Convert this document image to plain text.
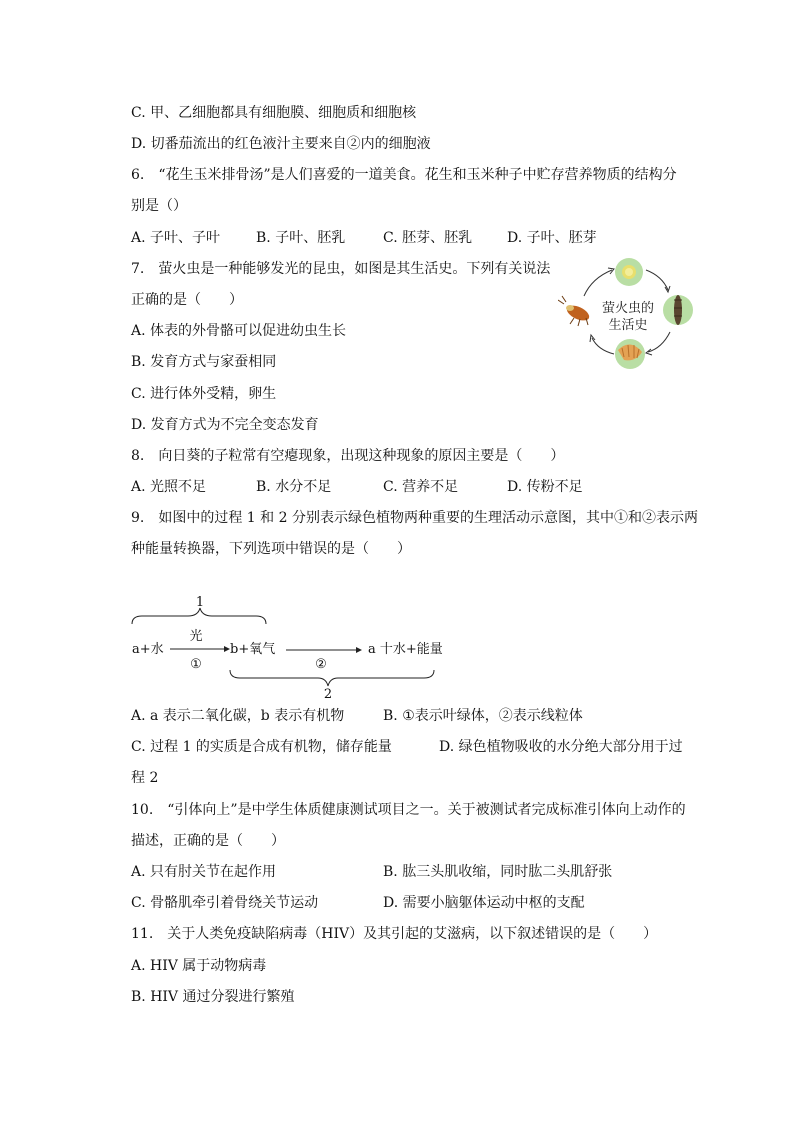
C. 甲、乙细胞都具有细胞膜、细胞质和细胞核
D. 切番茄流出的红色液汁主要来自②内的细胞液
6.　“花生玉米排骨汤”是人们喜爱的一道美食。花生和玉米种子中贮存营养物质的结构分
别是（）
A. 子叶、子叶	B. 子叶、胚乳	C. 胚芽、胚乳 D. 子叶、胚芽
7.　萤火虫是一种能够发光的昆虫，如图是其生活史。下列有关说法
正确的是（　　）
A. 体表的外骨骼可以促进幼虫生长
B. 发育方式与家蚕相同
C. 进行体外受精，卵生
D. 发育方式为不完全变态发育
萤火虫的
生活史
8.　向日葵的子粒常有空瘪现象，出现这种现象的原因主要是（　　）
A. 光照不足	B. 水分不足	C. 营养不足	D. 传粉不足
9.　如图中的过程 1 和 2 分别表示绿色植物两种重要的生理活动示意图，其中①和②表示两
种能量转换器，下列选项中错误的是（　　）
1
a+水
光
①
b+氧气
②
a 十水+能量
2
A. a 表示二氧化碳，b 表示有机物	B. ①表示叶绿体，②表示线粒体
C. 过程 1 的实质是合成有机物，储存能量	D. 绿色植物吸收的水分绝大部分用于过
程 2
10.　“引体向上”是中学生体质健康测试项目之一。关于被测试者完成标准引体向上动作的
描述，正确的是（　　）
A. 只有肘关节在起作用	B. 肱三头肌收缩，同时肱二头肌舒张
C. 骨骼肌牵引着骨绕关节运动	D. 需要小脑躯体运动中枢的支配
11.　关于人类免疫缺陷病毒（HIV）及其引起的艾滋病，以下叙述错误的是（　　）
A. HIV 属于动物病毒
B. HIV 通过分裂进行繁殖
